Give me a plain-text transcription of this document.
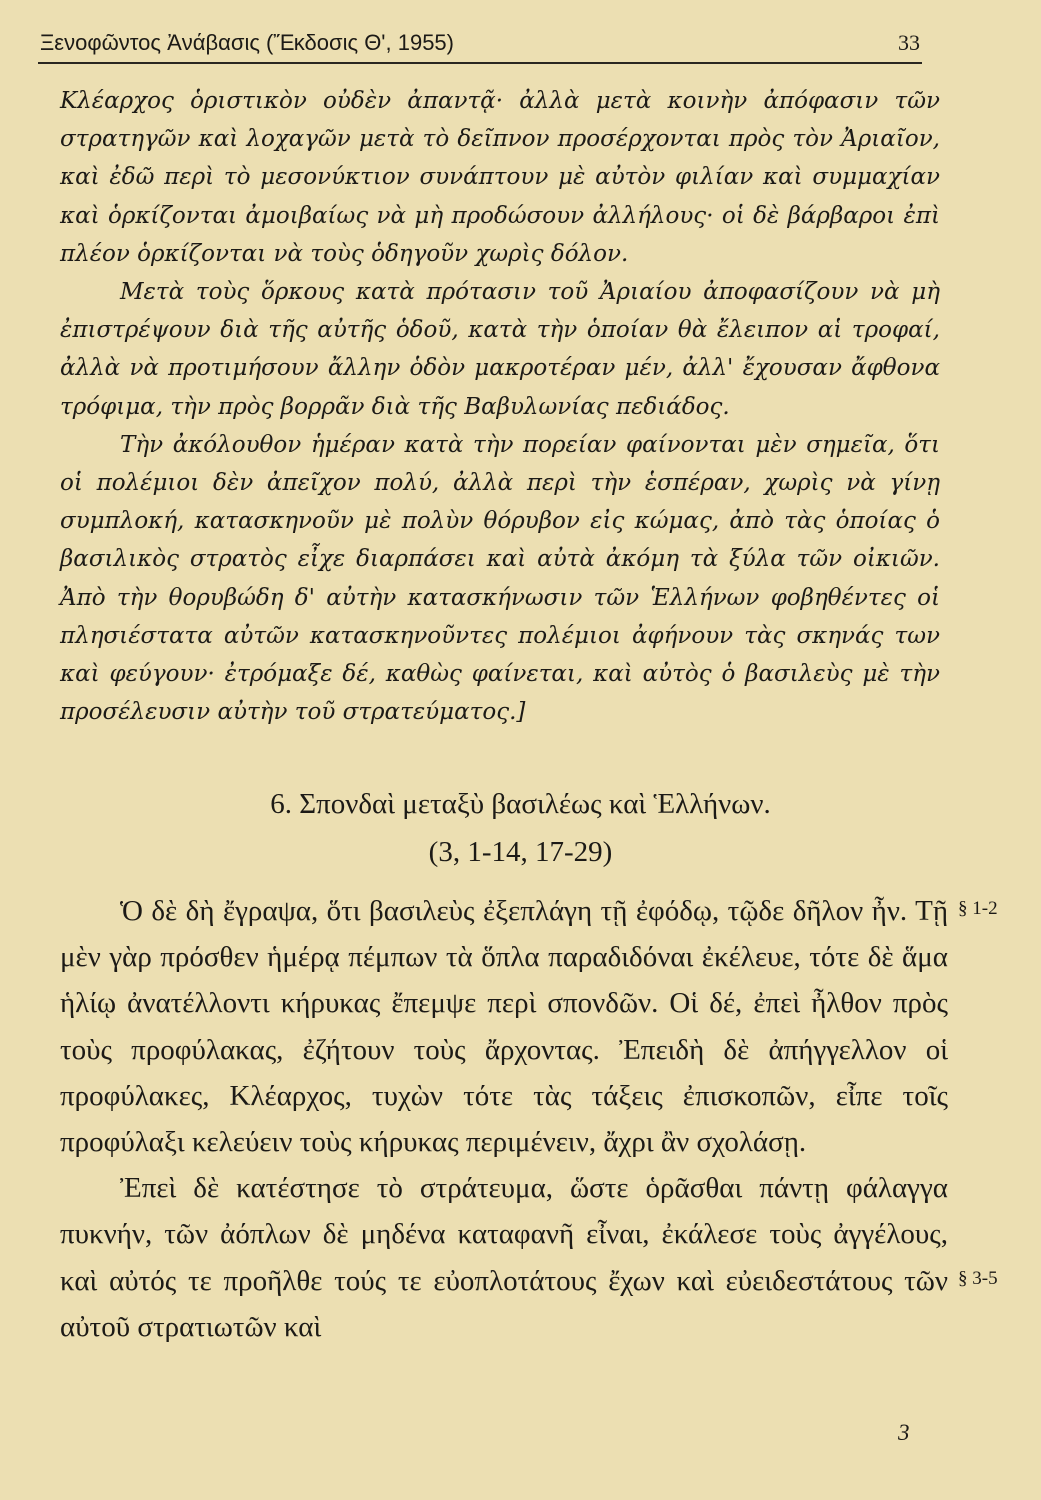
Ξενοφῶντος Ἀνάβασις (Ἔκδοσις Θ', 1955)	33

Κλέαρχος ὁριστικὸν οὐδὲν ἀπαντᾷ· ἀλλὰ μετὰ κοινὴν ἀπόφασιν τῶν στρατηγῶν καὶ λοχαγῶν μετὰ τὸ δεῖπνον προσέρχονται πρὸς τὸν Ἀριαῖον, καὶ ἐδῶ περὶ τὸ μεσονύκτιον συνάπτουν μὲ αὐτὸν φιλίαν καὶ συμμαχίαν καὶ ὁρκίζονται ἀμοιβαίως νὰ μὴ προδώσουν ἀλλήλους· οἱ δὲ βάρβαροι ἐπὶ πλέον ὁρκίζονται νὰ τοὺς ὁδηγοῦν χωρὶς δόλον.

Μετὰ τοὺς ὅρκους κατὰ πρότασιν τοῦ Ἀριαίου ἀποφασίζουν νὰ μὴ ἐπιστρέψουν διὰ τῆς αὐτῆς ὁδοῦ, κατὰ τὴν ὁποίαν θὰ ἔλειπον αἱ τροφαί, ἀλλὰ νὰ προτιμήσουν ἄλλην ὁδὸν μακροτέραν μέν, ἀλλ' ἔχουσαν ἄφθονα τρόφιμα, τὴν πρὸς βορρᾶν διὰ τῆς Βαβυλωνίας πεδιάδος.

Τὴν ἀκόλουθον ἡμέραν κατὰ τὴν πορείαν φαίνονται μὲν σημεῖα, ὅτι οἱ πολέμιοι δὲν ἀπεῖχον πολύ, ἀλλὰ περὶ τὴν ἑσπέραν, χωρὶς νὰ γίνῃ συμπλοκή, κατασκηνοῦν μὲ πολὺν θόρυβον εἰς κώμας, ἀπὸ τὰς ὁποίας ὁ βασιλικὸς στρατὸς εἶχε διαρπάσει καὶ αὐτὰ ἀκόμη τὰ ξύλα τῶν οἰκιῶν. Ἀπὸ τὴν θορυβώδη δ' αὐτὴν κατασκήνωσιν τῶν Ἑλλήνων φοβηθέντες οἱ πλησιέστατα αὐτῶν κατασκηνοῦντες πολέμιοι ἀφήνουν τὰς σκηνάς των καὶ φεύγουν· ἐτρόμαξε δέ, καθὼς φαίνεται, καὶ αὐτὸς ὁ βασιλεὺς μὲ τὴν προσέλευσιν αὐτὴν τοῦ στρατεύματος.]

6. Σπονδαὶ μεταξὺ βασιλέως καὶ Ἑλλήνων.
(3, 1-14, 17-29)

Ὁ δὲ δὴ ἔγραψα, ὅτι βασιλεὺς ἐξεπλάγη τῇ ἐφόδῳ, τῷδε δῆλον ἦν. Τῇ μὲν γὰρ πρόσθεν ἡμέρᾳ πέμπων τὰ ὅπλα παραδιδόναι ἐκέλευε, τότε δὲ ἅμα ἡλίῳ ἀνατέλλοντι κήρυκας ἔπεμψε περὶ σπονδῶν. Οἱ δέ, ἐπεὶ ἦλθον πρὸς τοὺς προφύλακας, ἐζήτουν τοὺς ἄρχοντας. Ἐπειδὴ δὲ ἀπήγγελλον οἱ προφύλακες, Κλέαρχος, τυχὼν τότε τὰς τάξεις ἐπισκοπῶν, εἶπε τοῖς προφύλαξι κελεύειν τοὺς κήρυκας περιμένειν, ἄχρι ἂν σχολάσῃ.

Ἐπεὶ δὲ κατέστησε τὸ στράτευμα, ὥστε ὁρᾶσθαι πάντῃ φάλαγγα πυκνήν, τῶν ἀόπλων δὲ μηδένα καταφανῆ εἶναι, ἐκάλεσε τοὺς ἀγγέλους, καὶ αὐτός τε προῆλθε τούς τε εὐοπλοτάτους ἔχων καὶ εὐειδεστάτους τῶν αὐτοῦ στρατιωτῶν καὶ

§ 1-2
§ 3-5
3
